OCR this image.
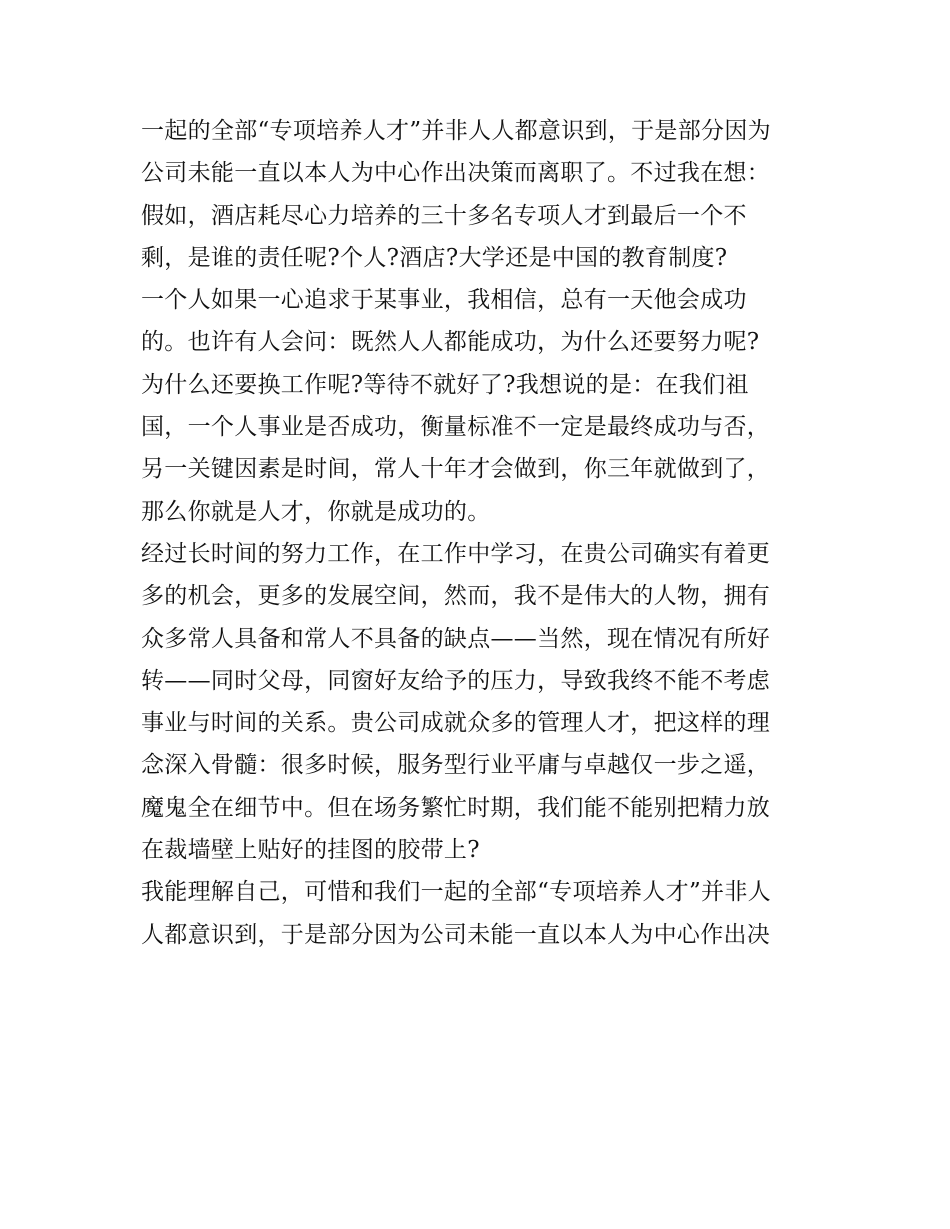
一起的全部“专项培养人才”并非人人都意识到，于是部分因为
公司未能一直以本人为中心作出决策而离职了。不过我在想：
假如，酒店耗尽心力培养的三十多名专项人才到最后一个不
剩，是谁的责任呢?个人?酒店?大学还是中国的教育制度?
一个人如果一心追求于某事业，我相信，总有一天他会成功
的。也许有人会问：既然人人都能成功，为什么还要努力呢?
为什么还要换工作呢?等待不就好了?我想说的是：在我们祖
国，一个人事业是否成功，衡量标准不一定是最终成功与否，
另一关键因素是时间，常人十年才会做到，你三年就做到了，
那么你就是人才，你就是成功的。
经过长时间的努力工作，在工作中学习，在贵公司确实有着更
多的机会，更多的发展空间，然而，我不是伟大的人物，拥有
众多常人具备和常人不具备的缺点——当然，现在情况有所好
转——同时父母，同窗好友给予的压力，导致我终不能不考虑
事业与时间的关系。贵公司成就众多的管理人才，把这样的理
念深入骨髓：很多时候，服务型行业平庸与卓越仅一步之遥，
魔鬼全在细节中。但在场务繁忙时期，我们能不能别把精力放
在裁墙壁上贴好的挂图的胶带上?
我能理解自己，可惜和我们一起的全部“专项培养人才”并非人
人都意识到，于是部分因为公司未能一直以本人为中心作出决
